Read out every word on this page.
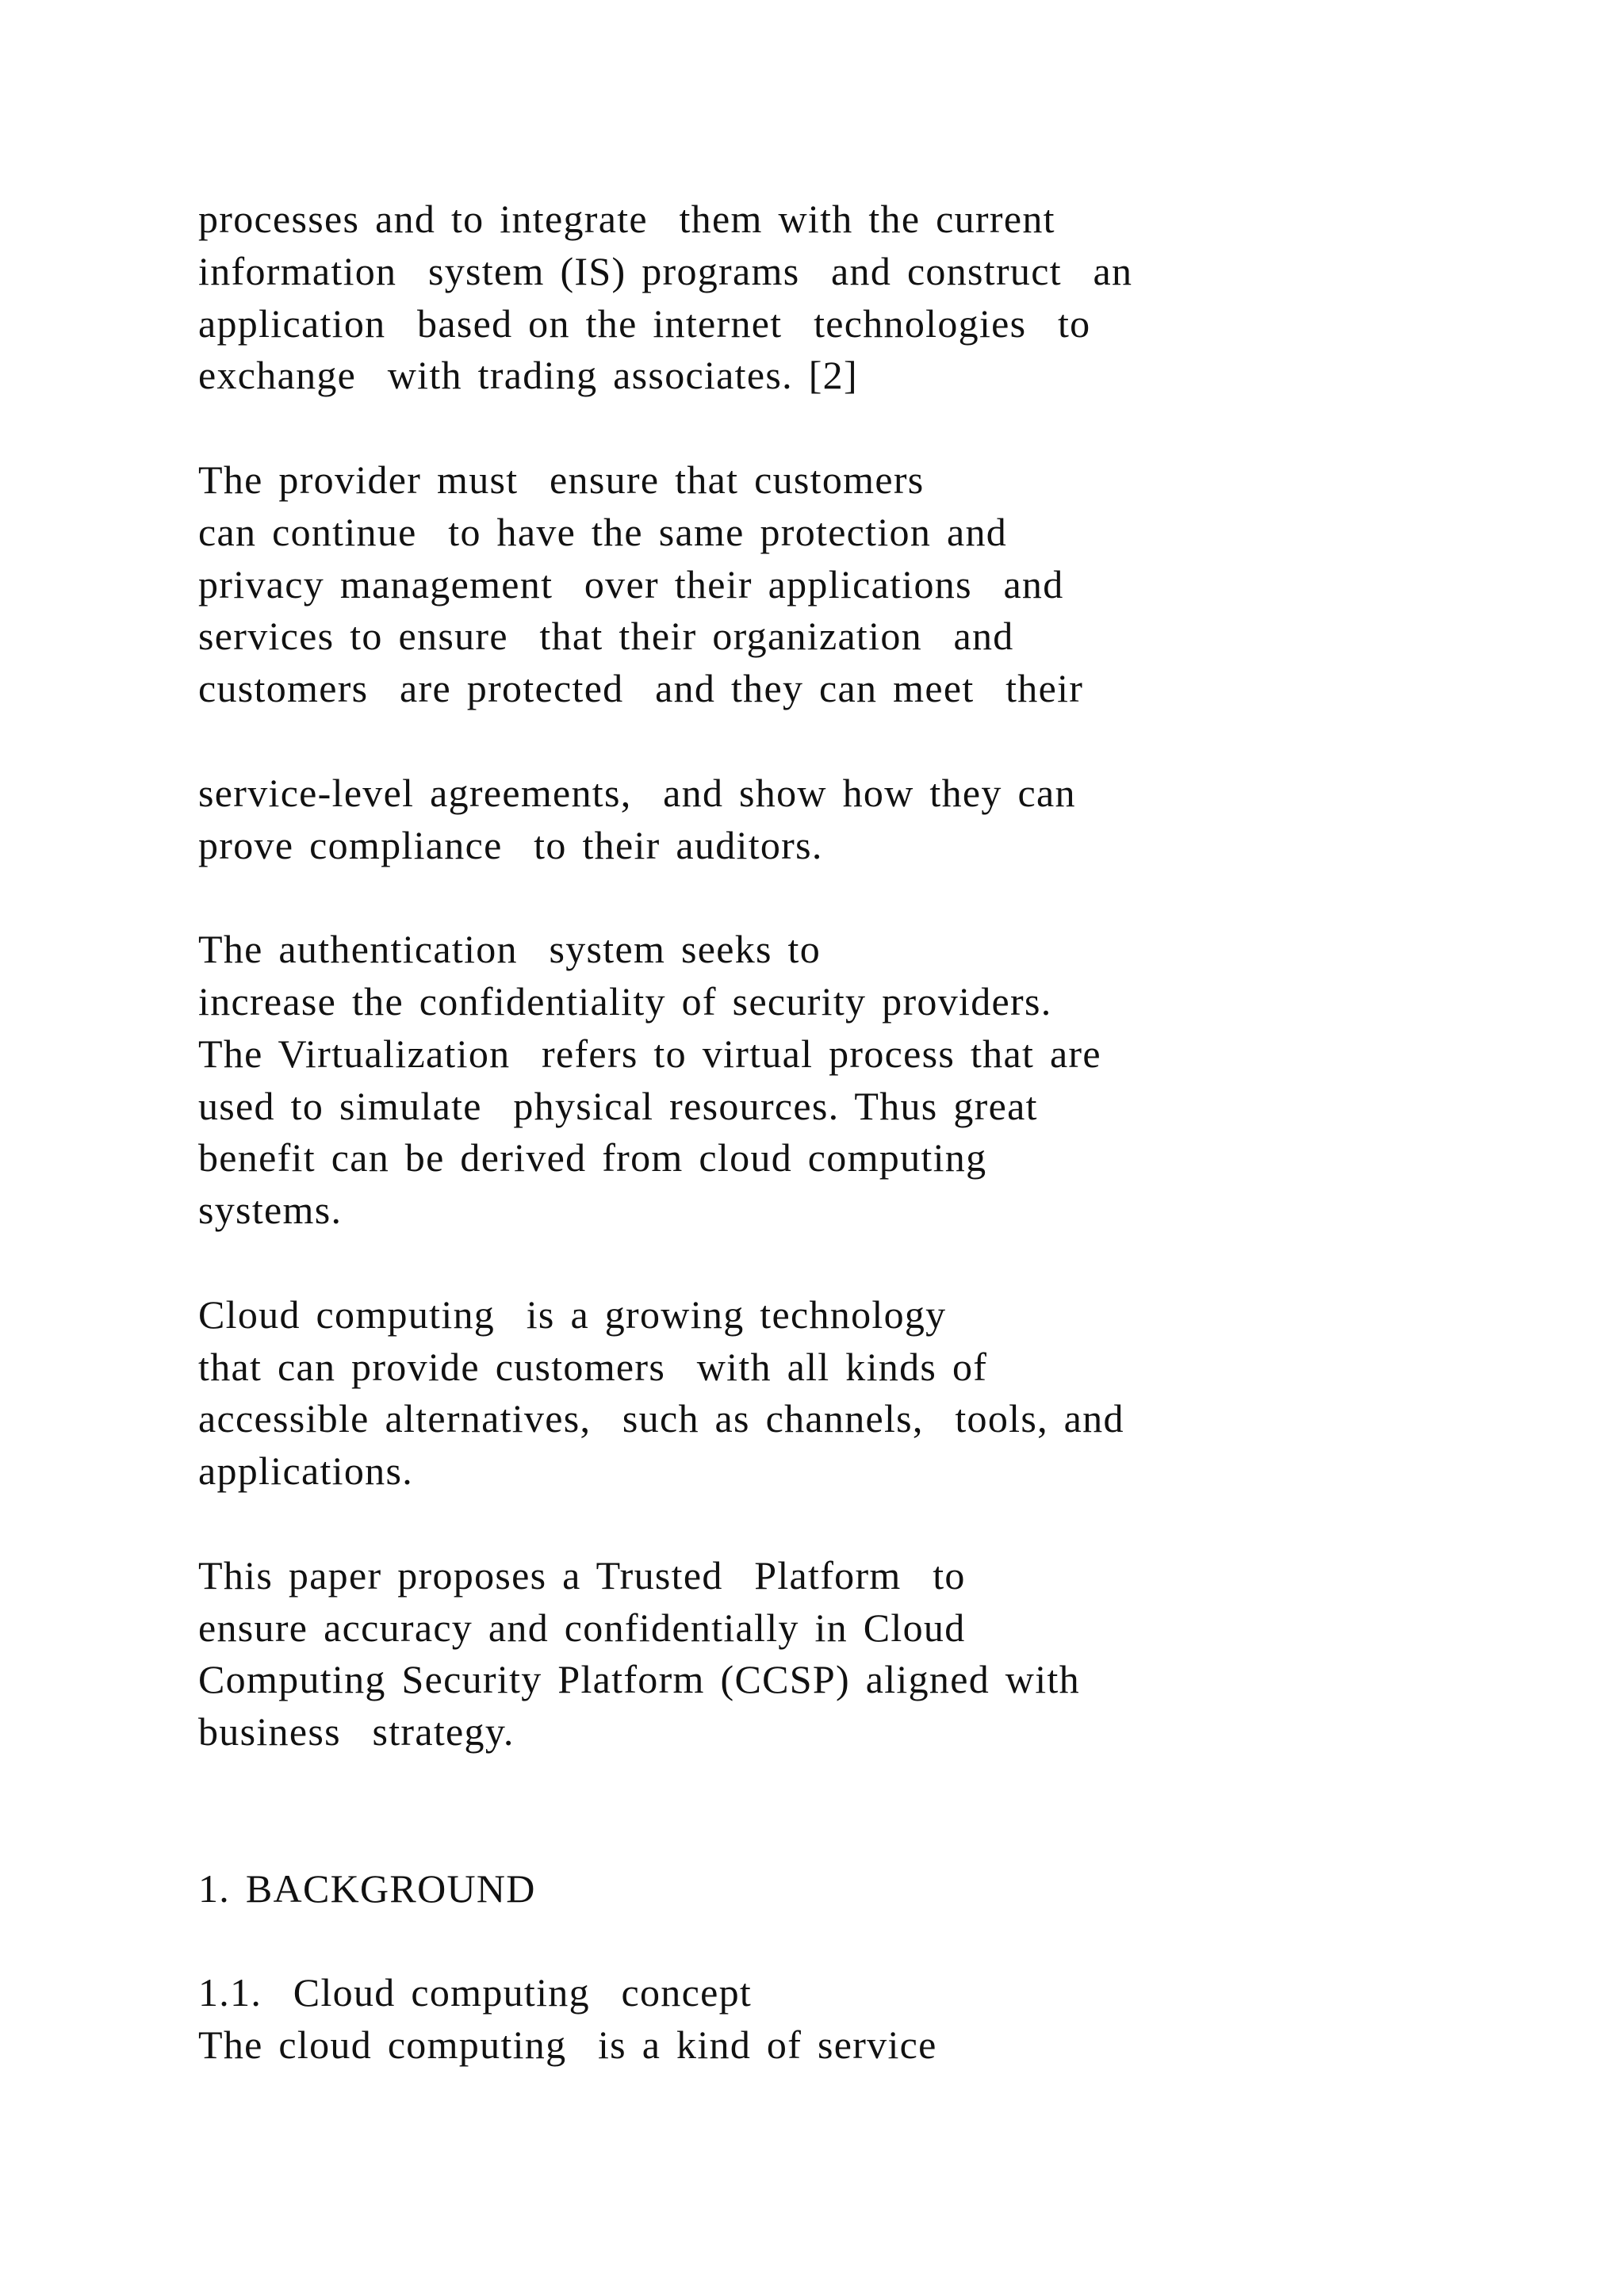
processes and to integrate  them with the current
information  system (IS) programs  and construct  an
application  based on the internet  technologies  to
exchange  with trading associates. [2]
The provider must  ensure that customers
can continue  to have the same protection and
privacy management  over their applications  and
services to ensure  that their organization  and
customers  are protected  and they can meet  their
service-level agreements,  and show how they can
prove compliance  to their auditors.
The authentication  system seeks to
increase the confidentiality of security providers.
The Virtualization  refers to virtual process that are
used to simulate  physical resources. Thus great
benefit can be derived from cloud computing
systems.
Cloud computing  is a growing technology
that can provide customers  with all kinds of
accessible alternatives,  such as channels,  tools, and
applications.
This paper proposes a Trusted  Platform  to
ensure accuracy and confidentially in Cloud
Computing Security Platform (CCSP) aligned with
business  strategy.
1. BACKGROUND
1.1.  Cloud computing  concept
The cloud computing  is a kind of service
